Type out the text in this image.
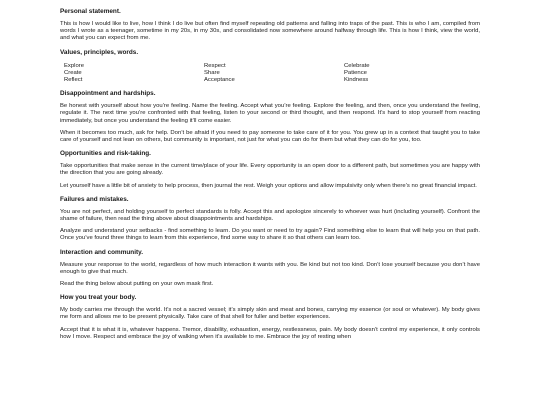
Personal statement.

This is how I would like to live, how I think I do live but often find myself repeating old patterns and falling into traps of the past. This is who I am, compiled from words I wrote as a teenager, sometime in my 20s, in my 30s, and consolidated now somewhere around halfway through life. This is how I think, view the world, and what you can expect from me.

Values, principles, words.
Explore
Create
Reflect
Respect
Share
Acceptance
Celebrate
Patience
Kindness
Disappointment and hardships.

Be honest with yourself about how you’re feeling. Name the feeling. Accept what you’re feeling. Explore the feeling, and then, once you understand the feeling, regulate it. The next time you’re confronted with that feeling, listen to your second or third thought, and then respond. It’s hard to stop yourself from reacting immediately, but once you understand the feeling it’ll come easier.

When it becomes too much, ask for help. Don’t be afraid if you need to pay someone to take care of it for you. You grew up in a context that taught you to take care of yourself and not lean on others, but community is important, not just for what you can do for them but what they can do for you, too.

Opportunities and risk-taking.

Take opportunities that make sense in the current time/place of your life. Every opportunity is an open door to a different path, but sometimes you are happy with the direction that you are going already.

Let yourself have a little bit of anxiety to help process, then journal the rest. Weigh your options and allow impulsivity only when there’s no great financial impact.

Failures and mistakes.

You are not perfect, and holding yourself to perfect standards is folly. Accept this and apologize sincerely to whoever was hurt (including yourself). Confront the shame of failure, then read the thing above about disappointments and hardships.

Analyze and understand your setbacks - find something to learn. Do you want or need to try again? Find something else to learn that will help you on that path. Once you’ve found three things to learn from this experience, find some way to share it so that others can learn too.

Interaction and community.

Measure your response to the world, regardless of how much interaction it wants with you. Be kind but not too kind. Don’t lose yourself because you don’t have enough to give that much.

Read the thing below about putting on your own mask first.

How you treat your body.

My body carries me through the world. It’s not a sacred vessel; it’s simply skin and meat and bones, carrying my essence (or soul or whatever). My body gives me form and allows me to be present physically. Take care of that shell for fuller and better experiences.

Accept that it is what it is, whatever happens. Tremor, disability, exhaustion, energy, restlessness, pain. My body doesn’t control my experience, it only controls how I move. Respect and embrace the joy of walking when it’s available to me. Embrace the joy of resting when
